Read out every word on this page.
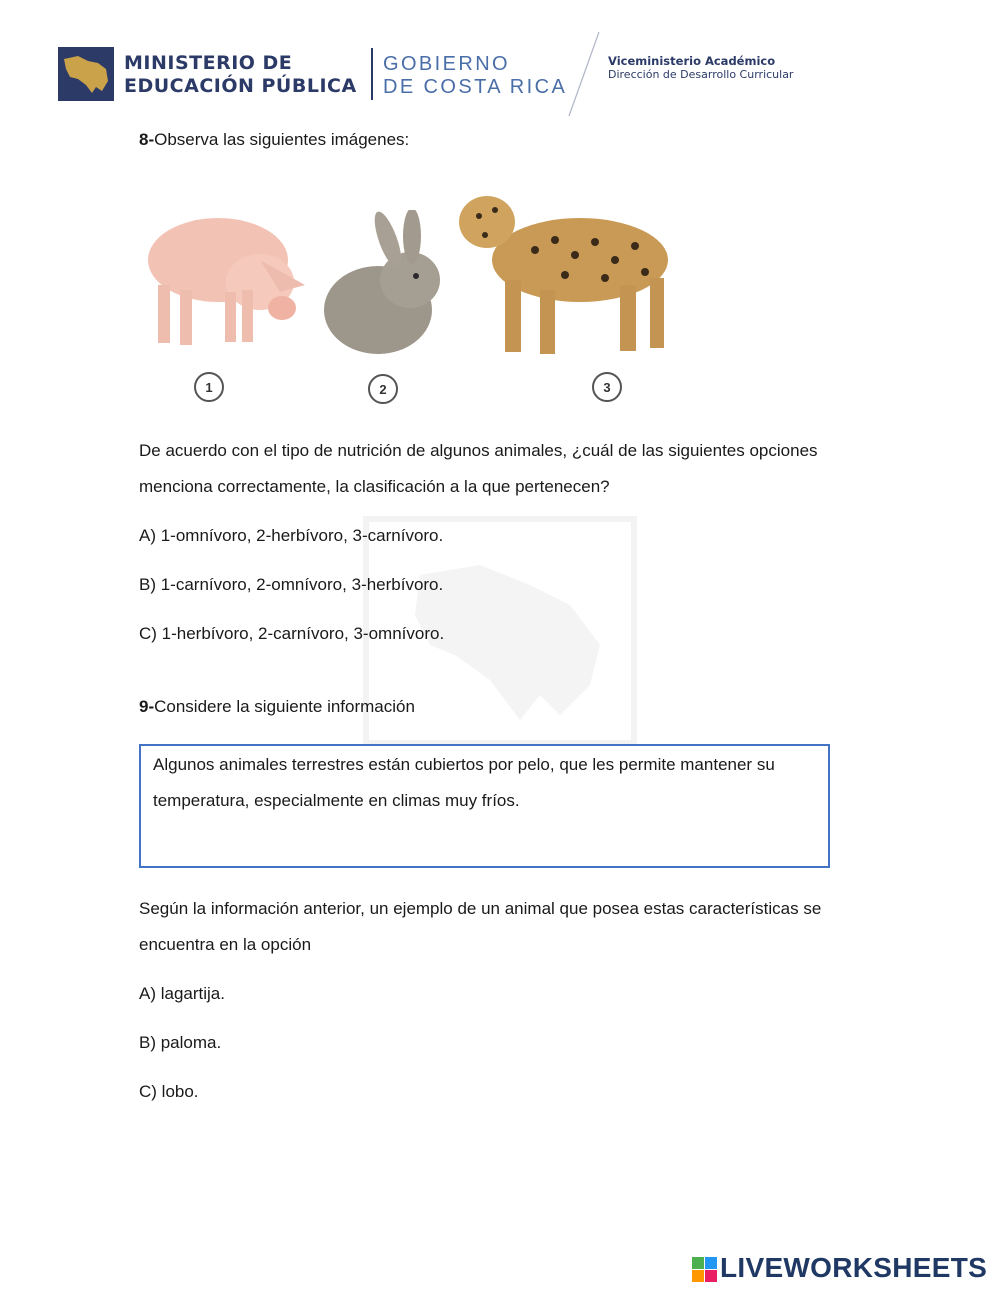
MINISTERIO DE
EDUCACIÓN PÚBLICA
GOBIERNO
DE COSTA RICA
Viceministerio Académico
Dirección de Desarrollo Curricular
8-Observa las siguientes imágenes:
1	2	3
De acuerdo con el tipo de nutrición de algunos animales, ¿cuál de las siguientes opciones
menciona correctamente, la clasificación a la que pertenecen?
A) 1-omnívoro, 2-herbívoro, 3-carnívoro.
B) 1-carnívoro, 2-omnívoro, 3-herbívoro.
C) 1-herbívoro, 2-carnívoro, 3-omnívoro.
9-Considere la siguiente información
Algunos animales terrestres están cubiertos por pelo, que les permite mantener su
temperatura, especialmente en climas muy fríos.
Según la información anterior, un ejemplo de un animal que posea estas características se
encuentra en la opción
A) lagartija.
B) paloma.
C) lobo.
LIVEWORKSHEETS
